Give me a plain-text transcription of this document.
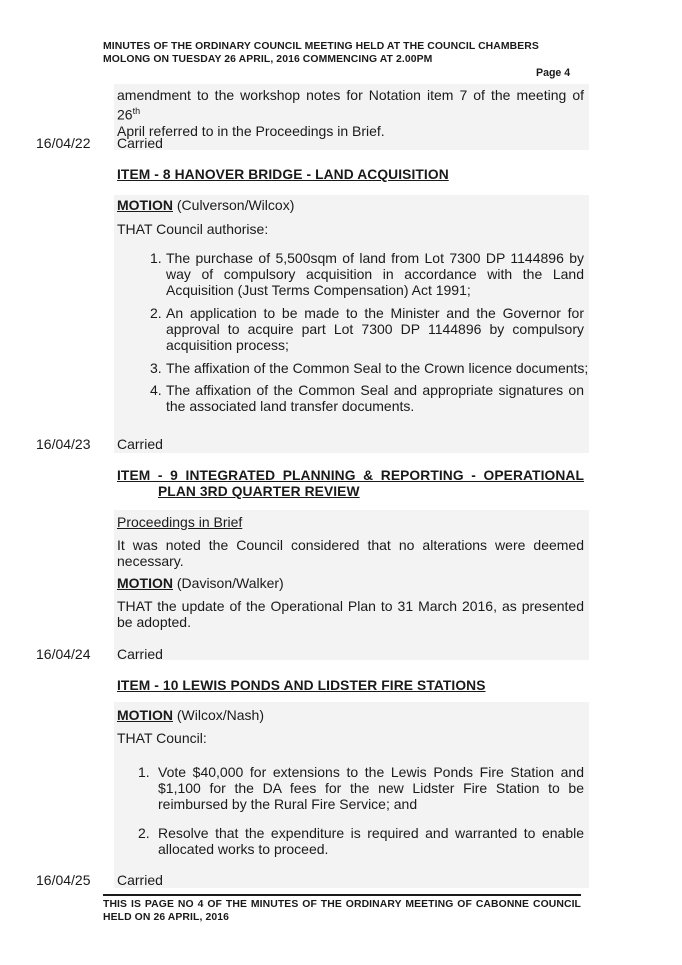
MINUTES OF THE ORDINARY COUNCIL MEETING HELD AT THE COUNCIL CHAMBERS
MOLONG ON TUESDAY 26 APRIL, 2016 COMMENCING AT 2.00PM
Page 4
amendment to the workshop notes for Notation item 7 of the meeting of 26th
April referred to in the Proceedings in Brief.
16/04/22 Carried
ITEM - 8 HANOVER BRIDGE - LAND ACQUISITION
MOTION (Culverson/Wilcox)
THAT Council authorise:
1. The purchase of 5,500sqm of land from Lot 7300 DP 1144896 by way of compulsory acquisition in accordance with the Land Acquisition (Just Terms Compensation) Act 1991;
2. An application to be made to the Minister and the Governor for approval to acquire part Lot 7300 DP 1144896 by compulsory acquisition process;
3. The affixation of the Common Seal to the Crown licence documents;
4. The affixation of the Common Seal and appropriate signatures on the associated land transfer documents.
16/04/23 Carried
ITEM - 9 INTEGRATED PLANNING & REPORTING - OPERATIONAL
PLAN 3RD QUARTER REVIEW
Proceedings in Brief
It was noted the Council considered that no alterations were deemed necessary.
MOTION (Davison/Walker)
THAT the update of the Operational Plan to 31 March 2016, as presented be adopted.
16/04/24 Carried
ITEM - 10 LEWIS PONDS AND LIDSTER FIRE STATIONS
MOTION (Wilcox/Nash)
THAT Council:
1. Vote $40,000 for extensions to the Lewis Ponds Fire Station and $1,100 for the DA fees for the new Lidster Fire Station to be reimbursed by the Rural Fire Service; and
2. Resolve that the expenditure is required and warranted to enable allocated works to proceed.
16/04/25 Carried
THIS IS PAGE NO 4 OF THE MINUTES OF THE ORDINARY MEETING OF CABONNE COUNCIL HELD ON 26 APRIL, 2016
